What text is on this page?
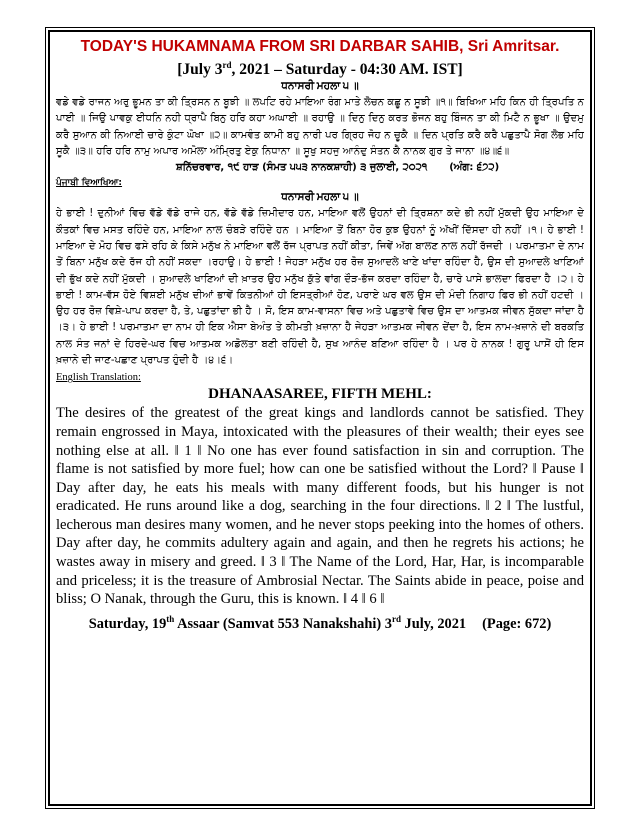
TODAY'S HUKAMNAMA FROM SRI DARBAR SAHIB, Sri Amritsar.
[July 3rd, 2021 – Saturday - 04:30 AM. IST]
ਧਨਾਸਰੀ ਮਹਲਾ ੫ ॥
ਵਡੇ ਵਡੇ ਰਾਜਨ ਅਰੁ ਭੂਮਨ ਤਾ ਕੀ ਤ੍ਰਿਸਨ ਨ ਬੂਝੀ ॥ ਲਪਟਿ ਰਹੇ ਮਾਇਆ ਰੰਗ ਮਾਤੇ ਲੋਚਨ ਕਛੂ ਨ ਸੂਝੀ ॥੧॥ ਬਿਖਿਆ ਮਹਿ ਕਿਨ ਹੀ ਤ੍ਰਿਪਤਿ ਨ ਪਾਈ ॥ ਜਿਉ ਪਾਵਕੁ ਈਧਨਿ ਨਹੀ ਧ੍ਰਾਪੈ ਬਿਨੁ ਹਰਿ ਕਹਾ ਅਘਾਈ ॥ ਰਹਾਉ ॥ ਦਿਨੁ ਦਿਨੁ ਕਰਤ ਭੋਜਨ ਬਹੁ ਬਿੰਜਨ ਤਾ ਕੀ ਮਿਟੈ ਨ ਭੂਖਾ ॥ ਉਦਮੁ ਕਰੈ ਸੁਆਨ ਕੀ ਨਿਆਈ ਚਾਰੇ ਕੁੰਟਾ ਘੋਖਾ ॥੨॥ ਕਾਮਵੰਤ ਕਾਮੀ ਬਹੁ ਨਾਰੀ ਪਰ ਗ੍ਰਿਹ ਜੋਹ ਨ ਚੂਕੈ ॥ ਦਿਨ ਪ੍ਰਤਿ ਕਰੈ ਕਰੈ ਪਛੁਤਾਪੈ ਸੋਗ ਲੋਭ ਮਹਿ ਸੂਕੈ ॥੩॥ ਹਰਿ ਹਰਿ ਨਾਮੁ ਅਪਾਰ ਅਮੋਲਾ ਅੰਮ੍ਰਿਤੁ ਏਕੁ ਨਿਧਾਨਾ ॥ ਸੂਖੁ ਸਹਜੁ ਆਨੰਦੁ ਸੰਤਨ ਕੈ ਨਾਨਕ ਗੁਰ ਤੇ ਜਾਨਾ ॥੪॥੬॥
ਸ਼ਨਿੱਚਰਵਾਰ, ੧੯ ਹਾੜ (ਸੰਮਤ ੫੫੩ ਨਾਨਕਸ਼ਾਹੀ) ੩ ਜੁਲਾਈ, ੨੦੨੧ (ਅੰਗ: ੬੭੨)
ਪੰਜਾਬੀ ਵਿਆਖਿਆ:
ਧਨਾਸਰੀ ਮਹਲਾ ੫ ॥
ਹੇ ਭਾਈ ! ਦੁਨੀਆਂ ਵਿਚ ਵੱਡੇ ਵੱਡੇ ਰਾਜੇ ਹਨ, ਵੱਡੇ ਵੱਡੇ ਜ਼ਿਮੀਦਾਰ ਹਨ, ਮਾਇਆ ਵਲੋਂ ਉਹਨਾਂ ਦੀ ਤ੍ਰਿਸ਼ਨਾ ਕਦੇ ਭੀ ਨਹੀਂ ਮੁੱਕਦੀ ਉਹ ਮਾਇਆ ਦੇ ਕੌਤਕਾਂ ਵਿਚ ਮਸਤ ਰਹਿੰਦੇ ਹਨ, ਮਾਇਆ ਨਾਲ ਚੰਬੜੇ ਰਹਿੰਦੇ ਹਨ । ਮਾਇਆ ਤੋਂ ਬਿਨਾ ਹੋਰ ਕੁਝ ਉਹਨਾਂ ਨੂੰ ਅੱਖੀਂ ਦਿੱਸਦਾ ਹੀ ਨਹੀਂ ।੧। ਹੇ ਭਾਈ ! ਮਾਇਆ ਦੇ ਮੋਹ ਵਿਚ ਫਸੇ ਰਹਿ ਕੇ ਕਿਸੇ ਮਨੁੱਖ ਨੇ ਮਾਇਆ ਵਲੋਂ ਰੱਜ ਪ੍ਰਾਪਤ ਨਹੀਂ ਕੀਤਾ, ਜਿਵੇਂ ਅੱਗ ਬਾਲਣ ਨਾਲ ਨਹੀਂ ਰੱਜਦੀ । ਪਰਮਾਤਮਾ ਦੇ ਨਾਮ ਤੋਂ ਬਿਨਾ ਮਨੁੱਖ ਕਦੇ ਰੱਜ ਹੀ ਨਹੀਂ ਸਕਦਾ ।ਰਹਾਉ। ਹੇ ਭਾਈ ! ਜੇਹੜਾ ਮਨੁੱਖ ਹਰ ਰੋਜ਼ ਸੁਆਦਲੇ ਖਾਣੇ ਖਾਂਦਾ ਰਹਿੰਦਾ ਹੈ, ਉਸ ਦੀ ਸੁਆਦਲੇ ਖਾਣਿਆਂ ਦੀ ਭੁੱਖ ਕਦੇ ਨਹੀਂ ਮੁੱਕਦੀ । ਸੁਆਦਲੇ ਖਾਣਿਆਂ ਦੀ ਖ਼ਾਤਰ ਉਹ ਮਨੁੱਖ ਕੁੱਤੇ ਵਾਂਗ ਦੌੜ-ਭੱਜ ਕਰਦਾ ਰਹਿੰਦਾ ਹੈ, ਚਾਰੇ ਪਾਸੇ ਭਾਲਦਾ ਫਿਰਦਾ ਹੈ ।੨। ਹੇ ਭਾਈ ! ਕਾਮ-ਵੱਸ ਹੋਏ ਵਿਸ਼ਈ ਮਨੁੱਖ ਦੀਆਂ ਭਾਵੇਂ ਕਿਤਨੀਆਂ ਹੀ ਇਸਤ੍ਰੀਆਂ ਹੋਣ, ਪਰਾਏ ਘਰ ਵਲ ਉਸ ਦੀ ਮੰਦੀ ਨਿਗਾਹ ਫਿਰ ਭੀ ਨਹੀਂ ਹਟਦੀ । ਉਹ ਹਰ ਰੋਜ਼ ਵਿਸ਼ੇ-ਪਾਪ ਕਰਦਾ ਹੈ, ਤੇ, ਪਛੁਤਾਂਦਾ ਭੀ ਹੈ । ਸੋ, ਇਸ ਕਾਮ-ਵਾਸਨਾ ਵਿਚ ਅਤੇ ਪਛੁਤਾਵੇ ਵਿਚ ਉਸ ਦਾ ਆਤਮਕ ਜੀਵਨ ਸੁੱਕਦਾ ਜਾਂਦਾ ਹੈ ।੩। ਹੇ ਭਾਈ ! ਪਰਮਾਤਮਾ ਦਾ ਨਾਮ ਹੀ ਇਕ ਐਸਾ ਬੇਅੰਤ ਤੇ ਕੀਮਤੀ ਖ਼ਜ਼ਾਨਾ ਹੈ ਜੇਹੜਾ ਆਤਮਕ ਜੀਵਨ ਦੇਂਦਾ ਹੈ, ਇਸ ਨਾਮ-ਖ਼ਜ਼ਾਨੇ ਦੀ ਬਰਕਤਿ ਨਾਲ ਸੰਤ ਜਨਾਂ ਦੇ ਹਿਰਦੇ-ਘਰ ਵਿਚ ਆਤਮਕ ਅਡੋਲਤਾ ਬਣੀ ਰਹਿੰਦੀ ਹੈ, ਸੁਖ ਆਨੰਦ ਬਣਿਆ ਰਹਿੰਦਾ ਹੈ । ਪਰ ਹੇ ਨਾਨਕ ! ਗੁਰੂ ਪਾਸੋਂ ਹੀ ਇਸ ਖ਼ਜ਼ਾਨੇ ਦੀ ਜਾਣ-ਪਛਾਣ ਪ੍ਰਾਪਤ ਹੁੰਦੀ ਹੈ ।੪।੬।
English Translation:
DHANAASAREE, FIFTH MEHL:
The desires of the greatest of the great kings and landlords cannot be satisfied. They remain engrossed in Maya, intoxicated with the pleasures of their wealth; their eyes see nothing else at all. ‖ 1 ‖ No one has ever found satisfaction in sin and corruption. The flame is not satisfied by more fuel; how can one be satisfied without the Lord? ‖ Pause ‖ Day after day, he eats his meals with many different foods, but his hunger is not eradicated. He runs around like a dog, searching in the four directions. ‖ 2 ‖ The lustful, lecherous man desires many women, and he never stops peeking into the homes of others. Day after day, he commits adultery again and again, and then he regrets his actions; he wastes away in misery and greed. ‖ 3 ‖ The Name of the Lord, Har, Har, is incomparable and priceless; it is the treasure of Ambrosial Nectar. The Saints abide in peace, poise and bliss; O Nanak, through the Guru, this is known. ‖ 4 ‖ 6 ‖
Saturday, 19th Assaar (Samvat 553 Nanakshahi) 3rd July, 2021 (Page: 672)
